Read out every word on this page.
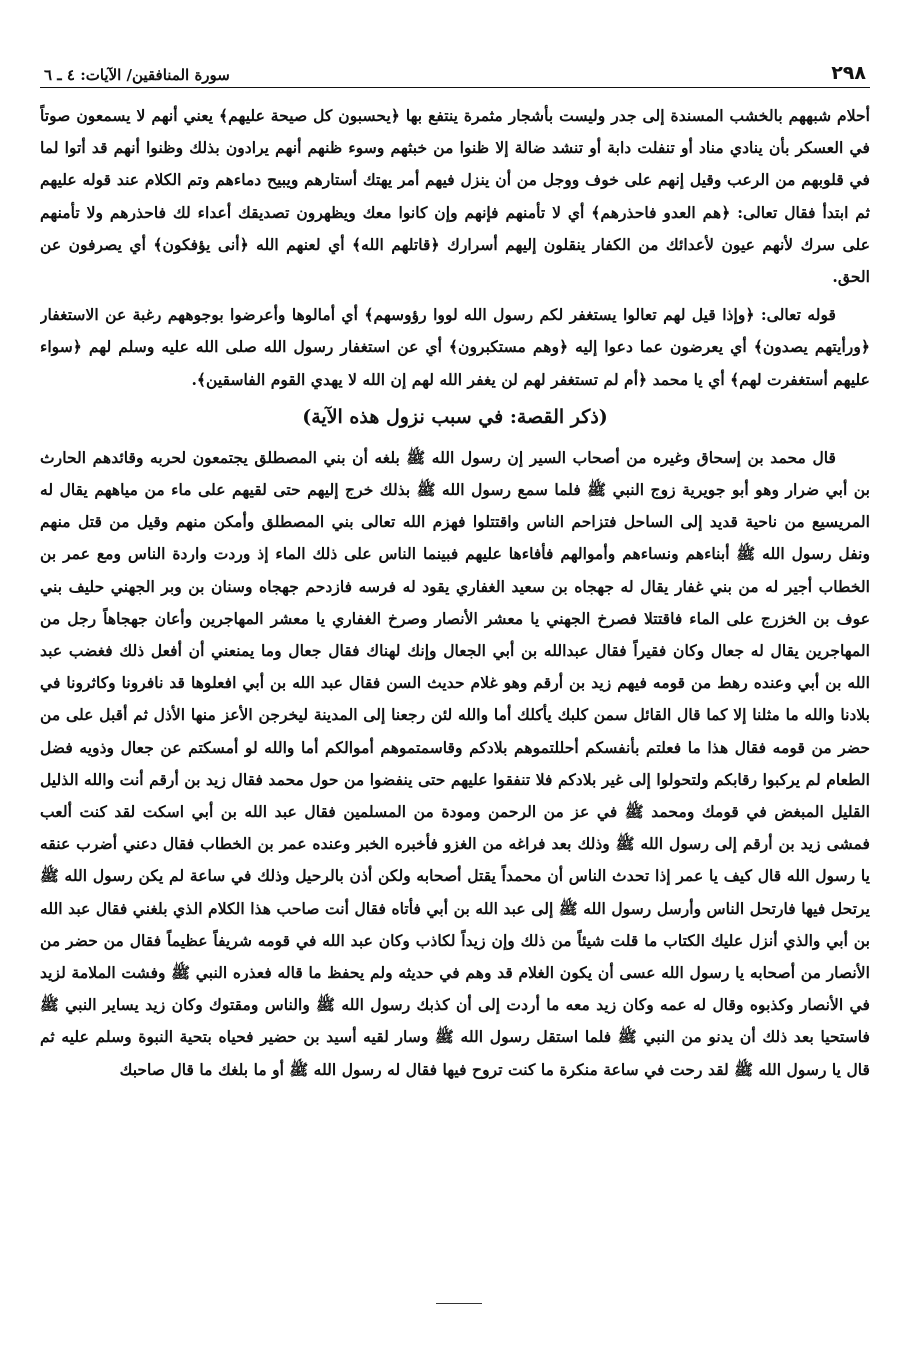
٢٩٨
سورة المنافقين/ الآيات: ٤ ـ ٦

أحلام شبههم بالخشب المسندة إلى جدر وليست بأشجار مثمرة ينتفع بها ﴿يحسبون كل صيحة عليهم﴾ يعني أنهم لا يسمعون صوتاً في العسكر بأن ينادي مناد أو تنفلت دابة أو تنشد ضالة إلا ظنوا من خبثهم وسوء ظنهم أنهم يرادون بذلك وظنوا أنهم قد أتوا لما في قلوبهم من الرعب وقيل إنهم على خوف ووجل من أن ينزل فيهم أمر يهتك أستارهم ويبيح دماءهم وتم الكلام عند قوله عليهم ثم ابتدأ فقال تعالى: ﴿هم العدو فاحذرهم﴾ أي لا تأمنهم فإنهم وإن كانوا معك ويظهرون تصديقك أعداء لك فاحذرهم ولا تأمنهم على سرك لأنهم عيون لأعدائك من الكفار ينقلون إليهم أسرارك ﴿قاتلهم الله﴾ أي لعنهم الله ﴿أنى يؤفكون﴾ أي يصرفون عن الحق.

قوله تعالى: ﴿وإذا قيل لهم تعالوا يستغفر لكم رسول الله لووا رؤوسهم﴾ أي أمالوها وأعرضوا بوجوههم رغبة عن الاستغفار ﴿ورأيتهم يصدون﴾ أي يعرضون عما دعوا إليه ﴿وهم مستكبرون﴾ أي عن استغفار رسول الله صلى الله عليه وسلم لهم ﴿سواء عليهم أستغفرت لهم﴾ أي يا محمد ﴿أم لم تستغفر لهم لن يغفر الله لهم إن الله لا يهدي القوم الفاسقين﴾.

(ذكر القصة: في سبب نزول هذه الآية)

قال محمد بن إسحاق وغيره من أصحاب السير إن رسول الله ﷺ بلغه أن بني المصطلق يجتمعون لحربه وقائدهم الحارث بن أبي ضرار وهو أبو جويرية زوج النبي ﷺ فلما سمع رسول الله ﷺ بذلك خرج إليهم حتى لقيهم على ماء من مياههم يقال له المريسيع من ناحية قديد إلى الساحل فتزاحم الناس واقتتلوا فهزم الله تعالى بني المصطلق وأمكن منهم وقيل من قتل منهم ونفل رسول الله ﷺ أبناءهم ونساءهم وأموالهم فأفاءها عليهم فبينما الناس على ذلك الماء إذ وردت واردة الناس ومع عمر بن الخطاب أجير له من بني غفار يقال له جهجاه بن سعيد الغفاري يقود له فرسه فازدحم جهجاه وسنان بن وبر الجهني حليف بني عوف بن الخزرج على الماء فاقتتلا فصرخ الجهني يا معشر الأنصار وصرخ الغفاري يا معشر المهاجرين وأعان جهجاهاً رجل من المهاجرين يقال له جعال وكان فقيراً فقال عبدالله بن أبي الجعال وإنك لهناك فقال جعال وما يمنعني أن أفعل ذلك فغضب عبد الله بن أبي وعنده رهط من قومه فيهم زيد بن أرقم وهو غلام حديث السن فقال عبد الله بن أبي افعلوها قد نافرونا وكاثرونا في بلادنا والله ما مثلنا إلا كما قال القائل سمن كلبك يأكلك أما والله لئن رجعنا إلى المدينة ليخرجن الأعز منها الأذل ثم أقبل على من حضر من قومه فقال هذا ما فعلتم بأنفسكم أحللتموهم بلادكم وقاسمتموهم أموالكم أما والله لو أمسكتم عن جعال وذويه فضل الطعام لم يركبوا رقابكم ولتحولوا إلى غير بلادكم فلا تنفقوا عليهم حتى ينفضوا من حول محمد فقال زيد بن أرقم أنت والله الذليل القليل المبغض في قومك ومحمد ﷺ في عز من الرحمن ومودة من المسلمين فقال عبد الله بن أبي اسكت لقد كنت ألعب فمشى زيد بن أرقم إلى رسول الله ﷺ وذلك بعد فراغه من الغزو فأخبره الخبر وعنده عمر بن الخطاب فقال دعني أضرب عنقه يا رسول الله قال كيف يا عمر إذا تحدث الناس أن محمداً يقتل أصحابه ولكن أذن بالرحيل وذلك في ساعة لم يكن رسول الله ﷺ يرتحل فيها فارتحل الناس وأرسل رسول الله ﷺ إلى عبد الله بن أبي فأتاه فقال أنت صاحب هذا الكلام الذي بلغني فقال عبد الله بن أبي والذي أنزل عليك الكتاب ما قلت شيئاً من ذلك وإن زيداً لكاذب وكان عبد الله في قومه شريفاً عظيماً فقال من حضر من الأنصار من أصحابه يا رسول الله عسى أن يكون الغلام قد وهم في حديثه ولم يحفظ ما قاله فعذره النبي ﷺ وفشت الملامة لزيد في الأنصار وكذبوه وقال له عمه وكان زيد معه ما أردت إلى أن كذبك رسول الله ﷺ والناس ومقتوك وكان زيد يساير النبي ﷺ فاستحيا بعد ذلك أن يدنو من النبي ﷺ فلما استقل رسول الله ﷺ وسار لقيه أسيد بن حضير فحياه بتحية النبوة وسلم عليه ثم قال يا رسول الله ﷺ لقد رحت في ساعة منكرة ما كنت تروح فيها فقال له رسول الله ﷺ أو ما بلغك ما قال صاحبك
